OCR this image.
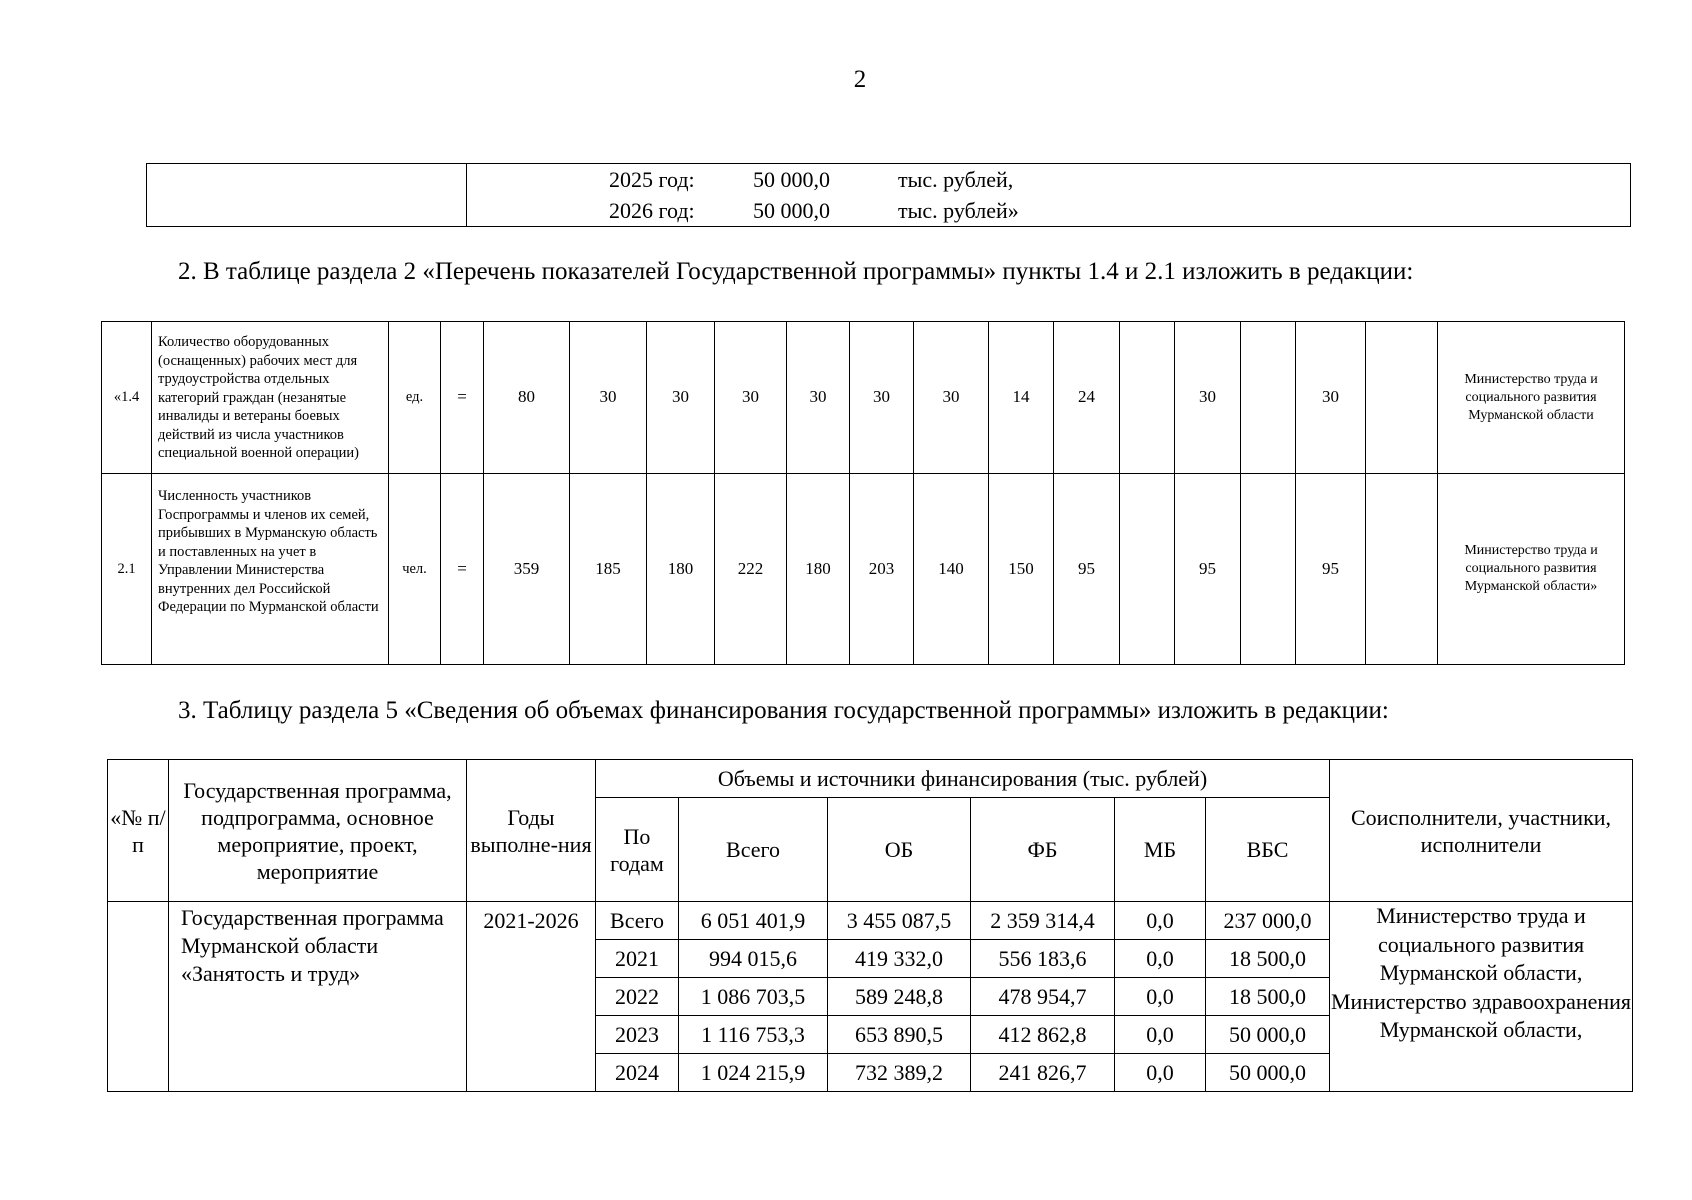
2

2025 год:	50 000,0	тыс. рублей,
2026 год:	50 000,0	тыс. рублей»
2. В таблице раздела 2 «Перечень показателей Государственной программы» пункты 1.4 и 2.1 изложить в редакции:
«1.4	Количество оборудованных (оснащенных) рабочих мест для трудоустройства отдельных категорий граждан (незанятые инвалиды и ветераны боевых действий из числа участников специальной военной операции)	ед.	=	80	30	30	30	30	30	30	14	24		30		30		Министерство труда и социального развития Мурманской области
2.1	Численность участников Госпрограммы и членов их семей, прибывших в Мурманскую область и поставленных на учет в Управлении Министерства внутренних дел Российской Федерации по Мурманской области	чел.	=	359	185	180	222	180	203	140	150	95		95		95		Министерство труда и социального развития Мурманской области»
3. Таблицу раздела 5 «Сведения об объемах финансирования государственной программы» изложить в редакции:
«№ п/п	Государственная программа, подпрограмма, основное мероприятие, проект, мероприятие	Годы выполне-ния	Объемы и источники финансирования (тыс. рублей)						Соисполнители, участники, исполнители
			По годам	Всего	ОБ	ФБ	МБ	ВБС	
	Государственная программа Мурманской области «Занятость и труд»	2021-2026	Всего	6 051 401,9	3 455 087,5	2 359 314,4	0,0	237 000,0	Министерство труда и социального развития Мурманской области, Министерство здравоохранения Мурманской области,
			2021	994 015,6	419 332,0	556 183,6	0,0	18 500,0	
			2022	1 086 703,5	589 248,8	478 954,7	0,0	18 500,0	
			2023	1 116 753,3	653 890,5	412 862,8	0,0	50 000,0	
			2024	1 024 215,9	732 389,2	241 826,7	0,0	50 000,0	
